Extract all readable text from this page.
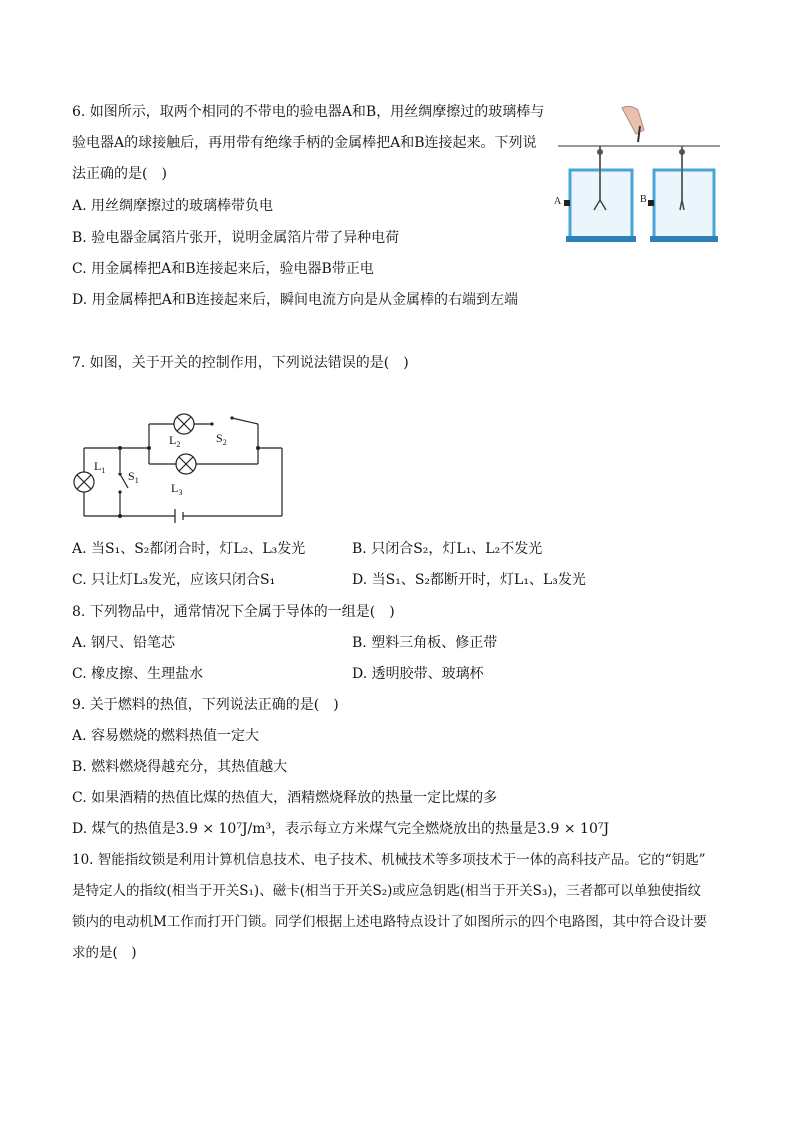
6. 如图所示，取两个相同的不带电的验电器A和B，用丝绸摩擦过的玻璃棒与
验电器A的球接触后，再用带有绝缘手柄的金属棒把A和B连接起来。下列说
法正确的是(　)
A. 用丝绸摩擦过的玻璃棒带负电
B. 验电器金属箔片张开，说明金属箔片带了异种电荷
C. 用金属棒把A和B连接起来后，验电器B带正电
D. 用金属棒把A和B连接起来后，瞬间电流方向是从金属棒的右端到左端
A	B
7. 如图，关于开关的控制作用，下列说法错误的是(　)
$L_1$ $S_1$
$L_2$	$S_2$
$L_3$
A. 当S₁、S₂都闭合时，灯L₂、L₃发光	B. 只闭合S₂，灯L₁、L₂不发光
C. 只让灯L₃发光，应该只闭合S₁	D. 当S₁、S₂都断开时，灯L₁、L₃发光
8. 下列物品中，通常情况下全属于导体的一组是(　)
A. 钢尺、铅笔芯	B. 塑料三角板、修正带
C. 橡皮擦、生理盐水	D. 透明胶带、玻璃杯
9. 关于燃料的热值，下列说法正确的是(　)
A. 容易燃烧的燃料热值一定大
B. 燃料燃烧得越充分，其热值越大
C. 如果酒精的热值比煤的热值大，酒精燃烧释放的热量一定比煤的多
D. 煤气的热值是3.9 × 10⁷J/m³，表示每立方米煤气完全燃烧放出的热量是3.9 × 10⁷J
10. 智能指纹锁是利用计算机信息技术、电子技术、机械技术等多项技术于一体的高科技产品。它的“钥匙”
是特定人的指纹(相当于开关S₁)、磁卡(相当于开关S₂)或应急钥匙(相当于开关S₃)，三者都可以单独使指纹
锁内的电动机M工作而打开门锁。同学们根据上述电路特点设计了如图所示的四个电路图，其中符合设计要
求的是(　)
